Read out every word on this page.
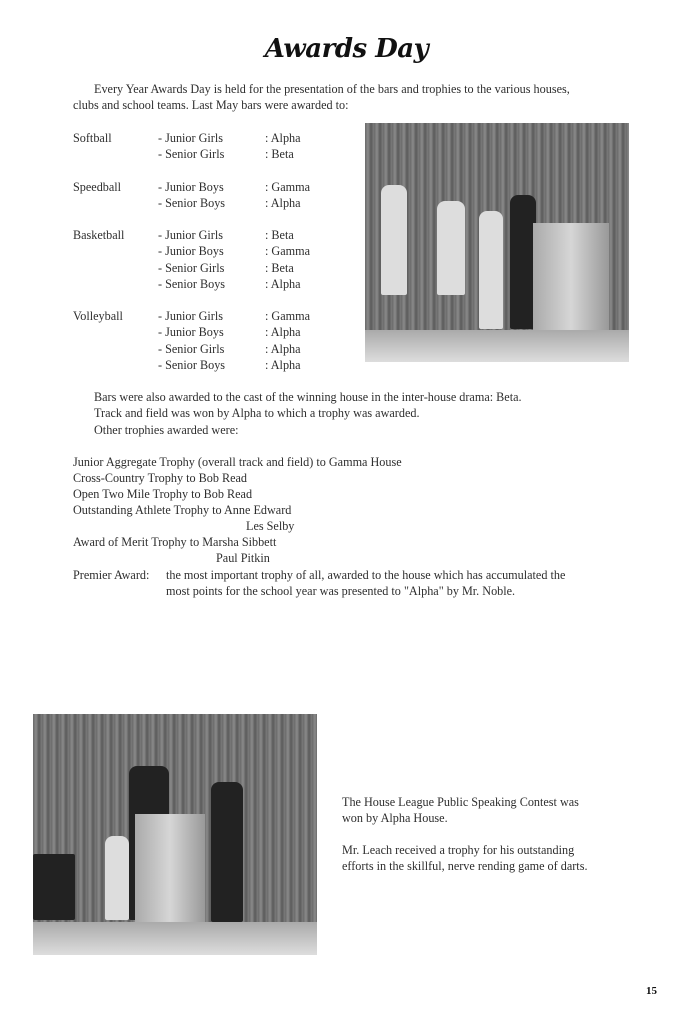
Awards Day
Every Year Awards Day is held for the presentation of the bars and trophies to the various houses,
clubs and school teams. Last May bars were awarded to:
Softball	- Junior Girls	: Alpha
- Senior Girls	: Beta
Speedball	- Junior Boys	: Gamma
- Senior Boys	: Alpha
Basketball	- Junior Girls	: Beta
- Junior Boys	: Gamma
- Senior Girls	: Beta
- Senior Boys	: Alpha
Volleyball	- Junior Girls	: Gamma
- Junior Boys	: Alpha
- Senior Girls	: Alpha
- Senior Boys	: Alpha
Bars were also awarded to the cast of the winning house in the inter-house drama: Beta.
Track and field was won by Alpha to which a trophy was awarded.
Other trophies awarded were:
Junior Aggregate Trophy (overall track and field) to Gamma House
Cross-Country Trophy to Bob Read
Open Two Mile Trophy to Bob Read
Outstanding Athlete Trophy to Anne Edward
Les Selby
Award of Merit Trophy to Marsha Sibbett
Paul Pitkin
Premier Award: the most important trophy of all, awarded to the house which has accumulated the
most points for the school year was presented to "Alpha" by Mr. Noble.
The House League Public Speaking Contest was
won by Alpha House.
Mr. Leach received a trophy for his outstanding
efforts in the skillful, nerve rending game of darts.
15
